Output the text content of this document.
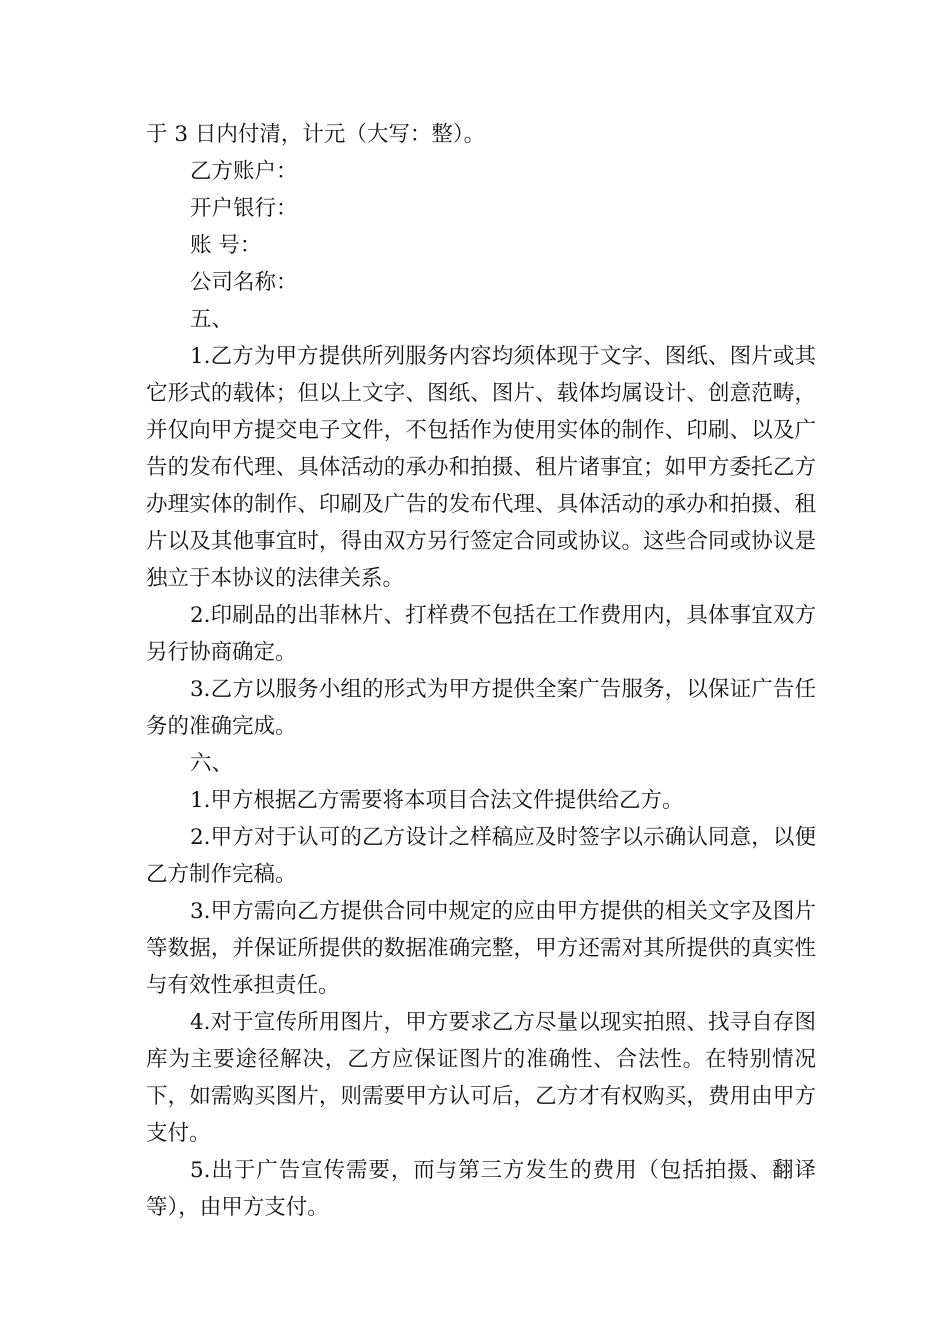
于 3 日内付清，计元（大写：整）。

乙方账户：

开户银行：

账 号：

公司名称：

五、

1.乙方为甲方提供所列服务内容均须体现于文字、图纸、图片或其它形式的载体；但以上文字、图纸、图片、载体均属设计、创意范畴，并仅向甲方提交电子文件，不包括作为使用实体的制作、印刷、以及广告的发布代理、具体活动的承办和拍摄、租片诸事宜；如甲方委托乙方办理实体的制作、印刷及广告的发布代理、具体活动的承办和拍摄、租片以及其他事宜时，得由双方另行签定合同或协议。这些合同或协议是独立于本协议的法律关系。

2.印刷品的出菲林片、打样费不包括在工作费用内，具体事宜双方另行协商确定。

3.乙方以服务小组的形式为甲方提供全案广告服务，以保证广告任务的准确完成。

六、

1.甲方根据乙方需要将本项目合法文件提供给乙方。

2.甲方对于认可的乙方设计之样稿应及时签字以示确认同意，以便乙方制作完稿。

3.甲方需向乙方提供合同中规定的应由甲方提供的相关文字及图片等数据，并保证所提供的数据准确完整，甲方还需对其所提供的真实性与有效性承担责任。

4.对于宣传所用图片，甲方要求乙方尽量以现实拍照、找寻自存图库为主要途径解决，乙方应保证图片的准确性、合法性。在特别情况下，如需购买图片，则需要甲方认可后，乙方才有权购买，费用由甲方支付。

5.出于广告宣传需要，而与第三方发生的费用（包括拍摄、翻译等），由甲方支付。
